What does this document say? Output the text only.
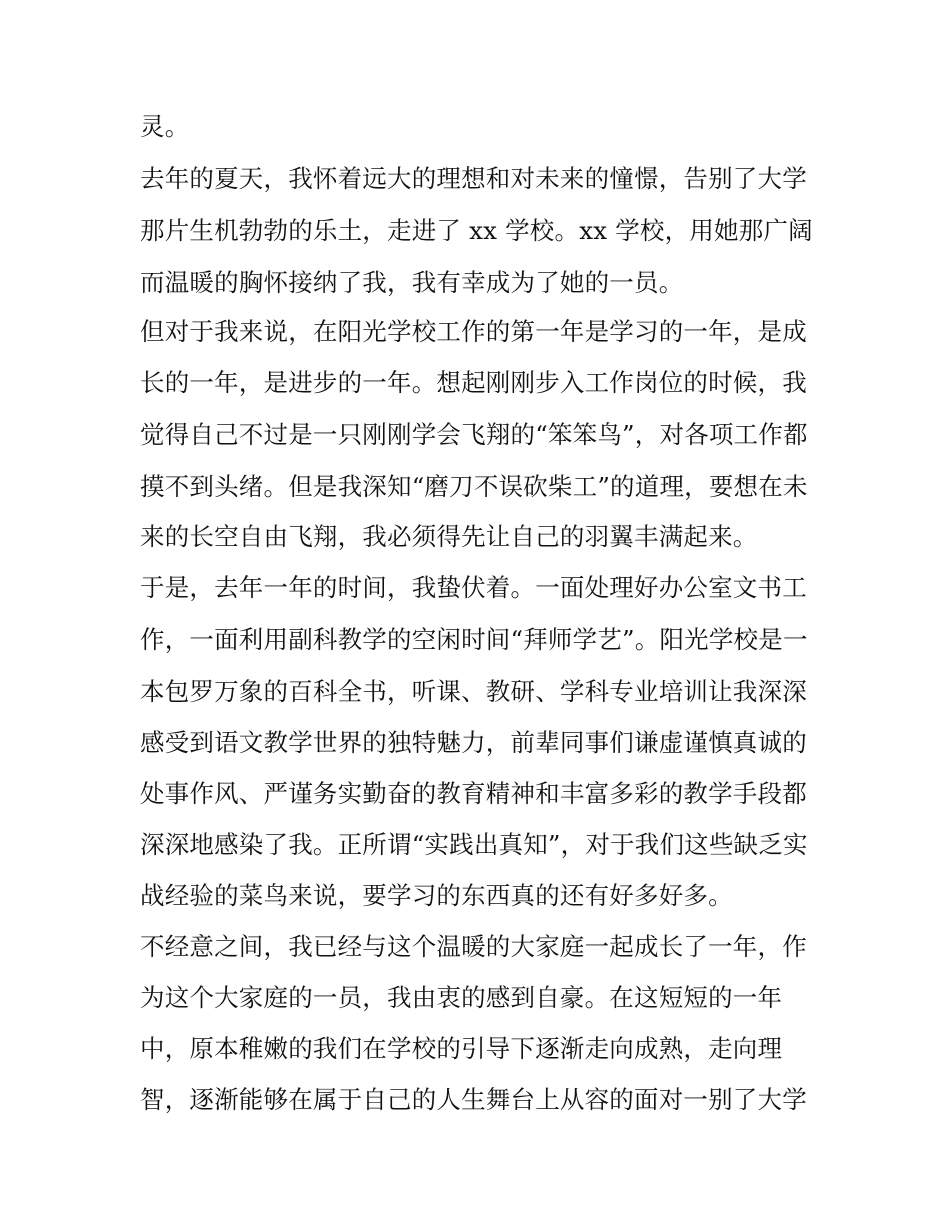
灵。
去年的夏天，我怀着远大的理想和对未来的憧憬，告别了大学
那片生机勃勃的乐土，走进了 xx 学校。xx 学校，用她那广阔
而温暖的胸怀接纳了我，我有幸成为了她的一员。
但对于我来说，在阳光学校工作的第一年是学习的一年，是成
长的一年，是进步的一年。想起刚刚步入工作岗位的时候，我
觉得自己不过是一只刚刚学会飞翔的“笨笨鸟”，对各项工作都
摸不到头绪。但是我深知“磨刀不误砍柴工”的道理，要想在未
来的长空自由飞翔，我必须得先让自己的羽翼丰满起来。
于是，去年一年的时间，我蛰伏着。一面处理好办公室文书工
作，一面利用副科教学的空闲时间“拜师学艺”。阳光学校是一
本包罗万象的百科全书，听课、教研、学科专业培训让我深深
感受到语文教学世界的独特魅力，前辈同事们谦虚谨慎真诚的
处事作风、严谨务实勤奋的教育精神和丰富多彩的教学手段都
深深地感染了我。正所谓“实践出真知”，对于我们这些缺乏实
战经验的菜鸟来说，要学习的东西真的还有好多好多。
不经意之间，我已经与这个温暖的大家庭一起成长了一年，作
为这个大家庭的一员，我由衷的感到自豪。在这短短的一年
中，原本稚嫩的我们在学校的引导下逐渐走向成熟，走向理
智，逐渐能够在属于自己的人生舞台上从容的面对一别了大学
